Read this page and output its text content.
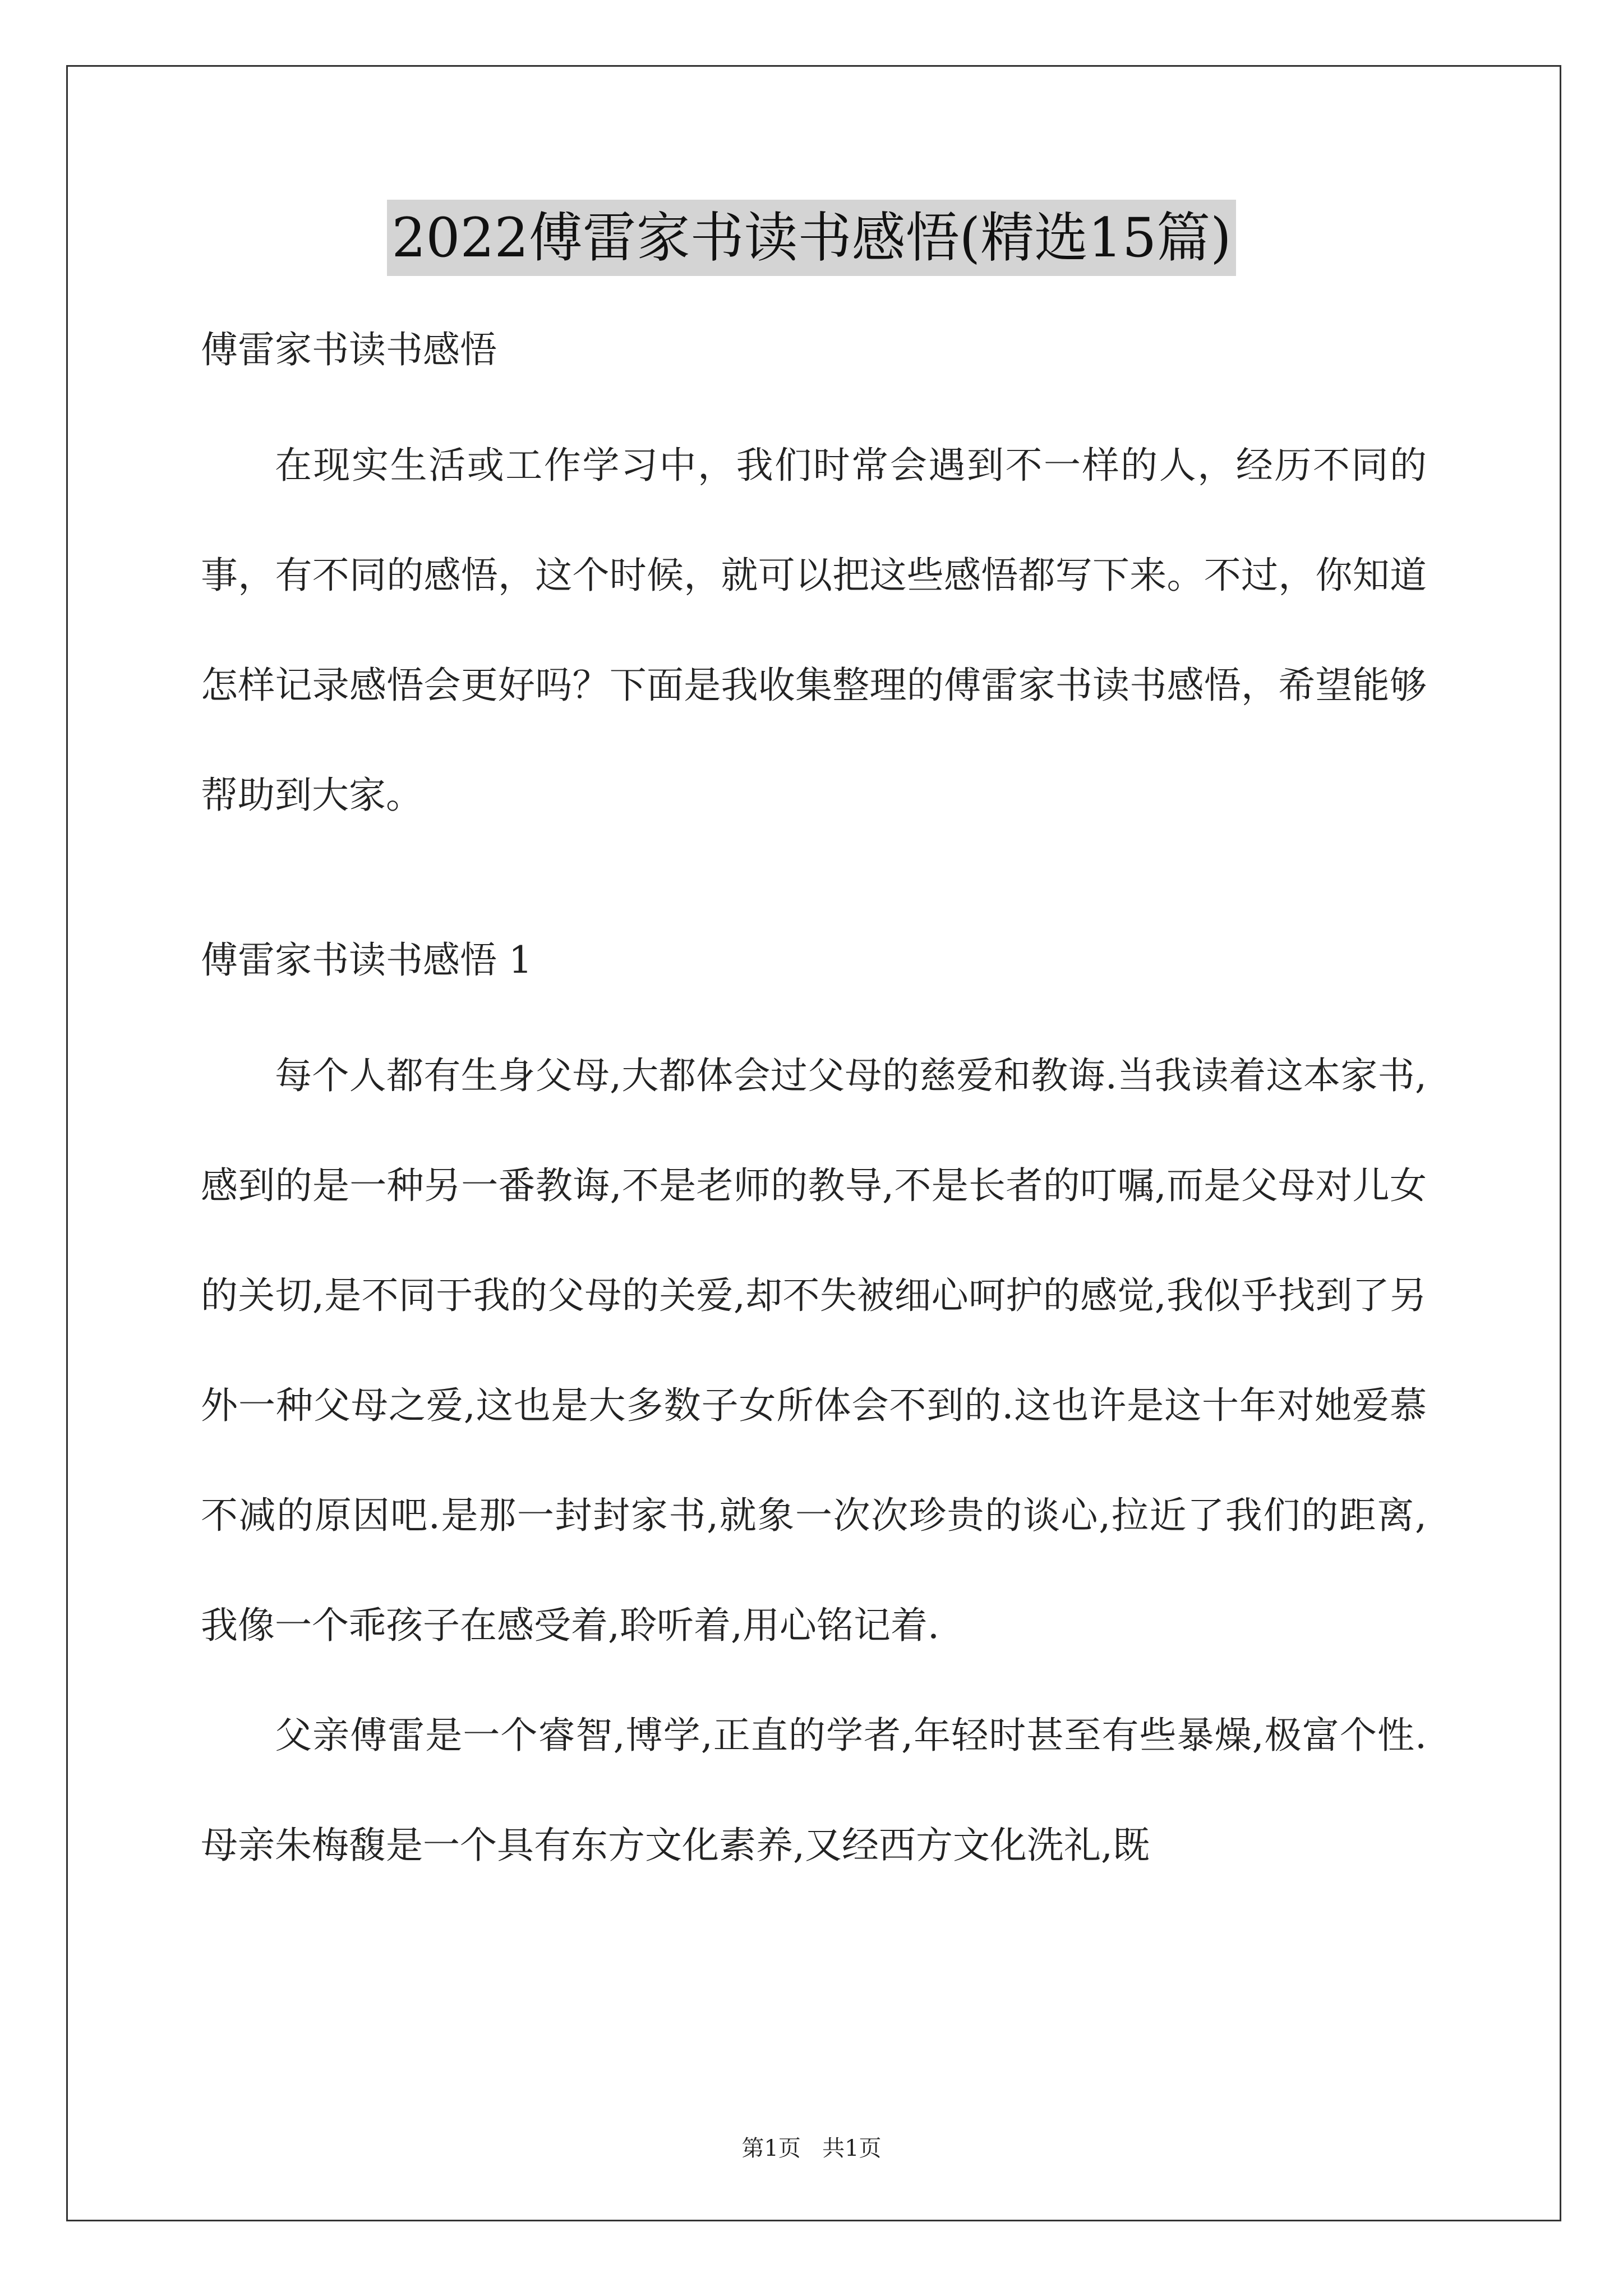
2022傅雷家书读书感悟(精选15篇)
傅雷家书读书感悟

在现实生活或工作学习中，我们时常会遇到不一样的人，经历不同的事，有不同的感悟，这个时候，就可以把这些感悟都写下来。不过，你知道怎样记录感悟会更好吗？下面是我收集整理的傅雷家书读书感悟，希望能够帮助到大家。

傅雷家书读书感悟 1

每个人都有生身父母,大都体会过父母的慈爱和教诲.当我读着这本家书,感到的是一种另一番教诲,不是老师的教导,不是长者的叮嘱,而是父母对儿女的关切,是不同于我的父母的关爱,却不失被细心呵护的感觉,我似乎找到了另外一种父母之爱,这也是大多数子女所体会不到的.这也许是这十年对她爱慕不减的原因吧.是那一封封家书,就象一次次珍贵的谈心,拉近了我们的距离,我像一个乖孩子在感受着,聆听着,用心铭记着.

父亲傅雷是一个睿智,博学,正直的学者,年轻时甚至有些暴燥,极富个性.母亲朱梅馥是一个具有东方文化素养,又经西方文化洗礼,既

第1页 共1页
